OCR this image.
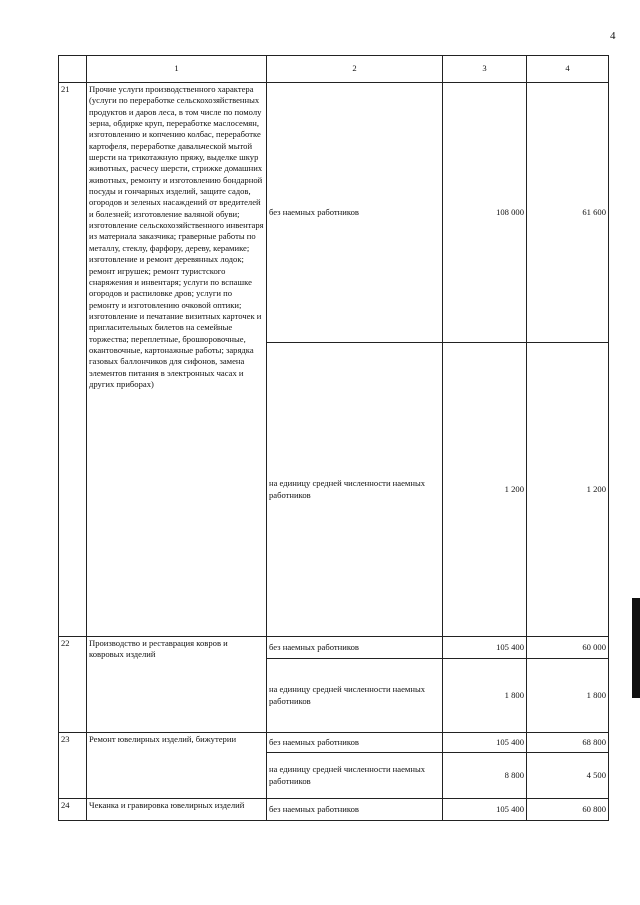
4
	1	2	3	4
21	Прочие услуги производственного характера (услуги по переработке сельскохозяйственных продуктов и даров леса, в том числе по помолу зерна, обдирке круп, переработке маслосемян, изготовлению и копчению колбас, переработке картофеля, переработке давальческой мытой шерсти на трикотажную пряжу, выделке шкур животных, расчесу шерсти, стрижке домашних животных, ремонту и изготовлению бондарной посуды и гончарных изделий, защите садов, огородов и зеленых насаждений от вредителей и болезней; изготовление валяной обуви; изготовление сельскохозяйственного инвентаря из материала заказчика; граверные работы по металлу, стеклу, фарфору, дереву, керамике; изготовление и ремонт деревянных лодок; ремонт игрушек; ремонт туристского снаряжения и инвентаря; услуги по вспашке огородов и распиловке дров; услуги по ремонту и изготовлению очковой оптики; изготовление и печатание визитных карточек и пригласительных билетов на семейные торжества; переплетные, брошюровочные, окантовочные, картонажные работы; зарядка газовых баллончиков для сифонов, замена элементов питания в электронных часах и других приборах)	без наемных работников	108 000	61 600
		на единицу средней численности наемных работников	1 200	1 200
22	Производство и реставрация ковров и ковровых изделий	без наемных работников	105 400	60 000
		на единицу средней численности наемных работников	1 800	1 800
23	Ремонт ювелирных изделий, бижутерии	без наемных работников	105 400	68 800
		на единицу средней численности наемных работников	8 800	4 500
24	Чеканка и гравировка ювелирных изделий	без наемных работников	105 400	60 800
